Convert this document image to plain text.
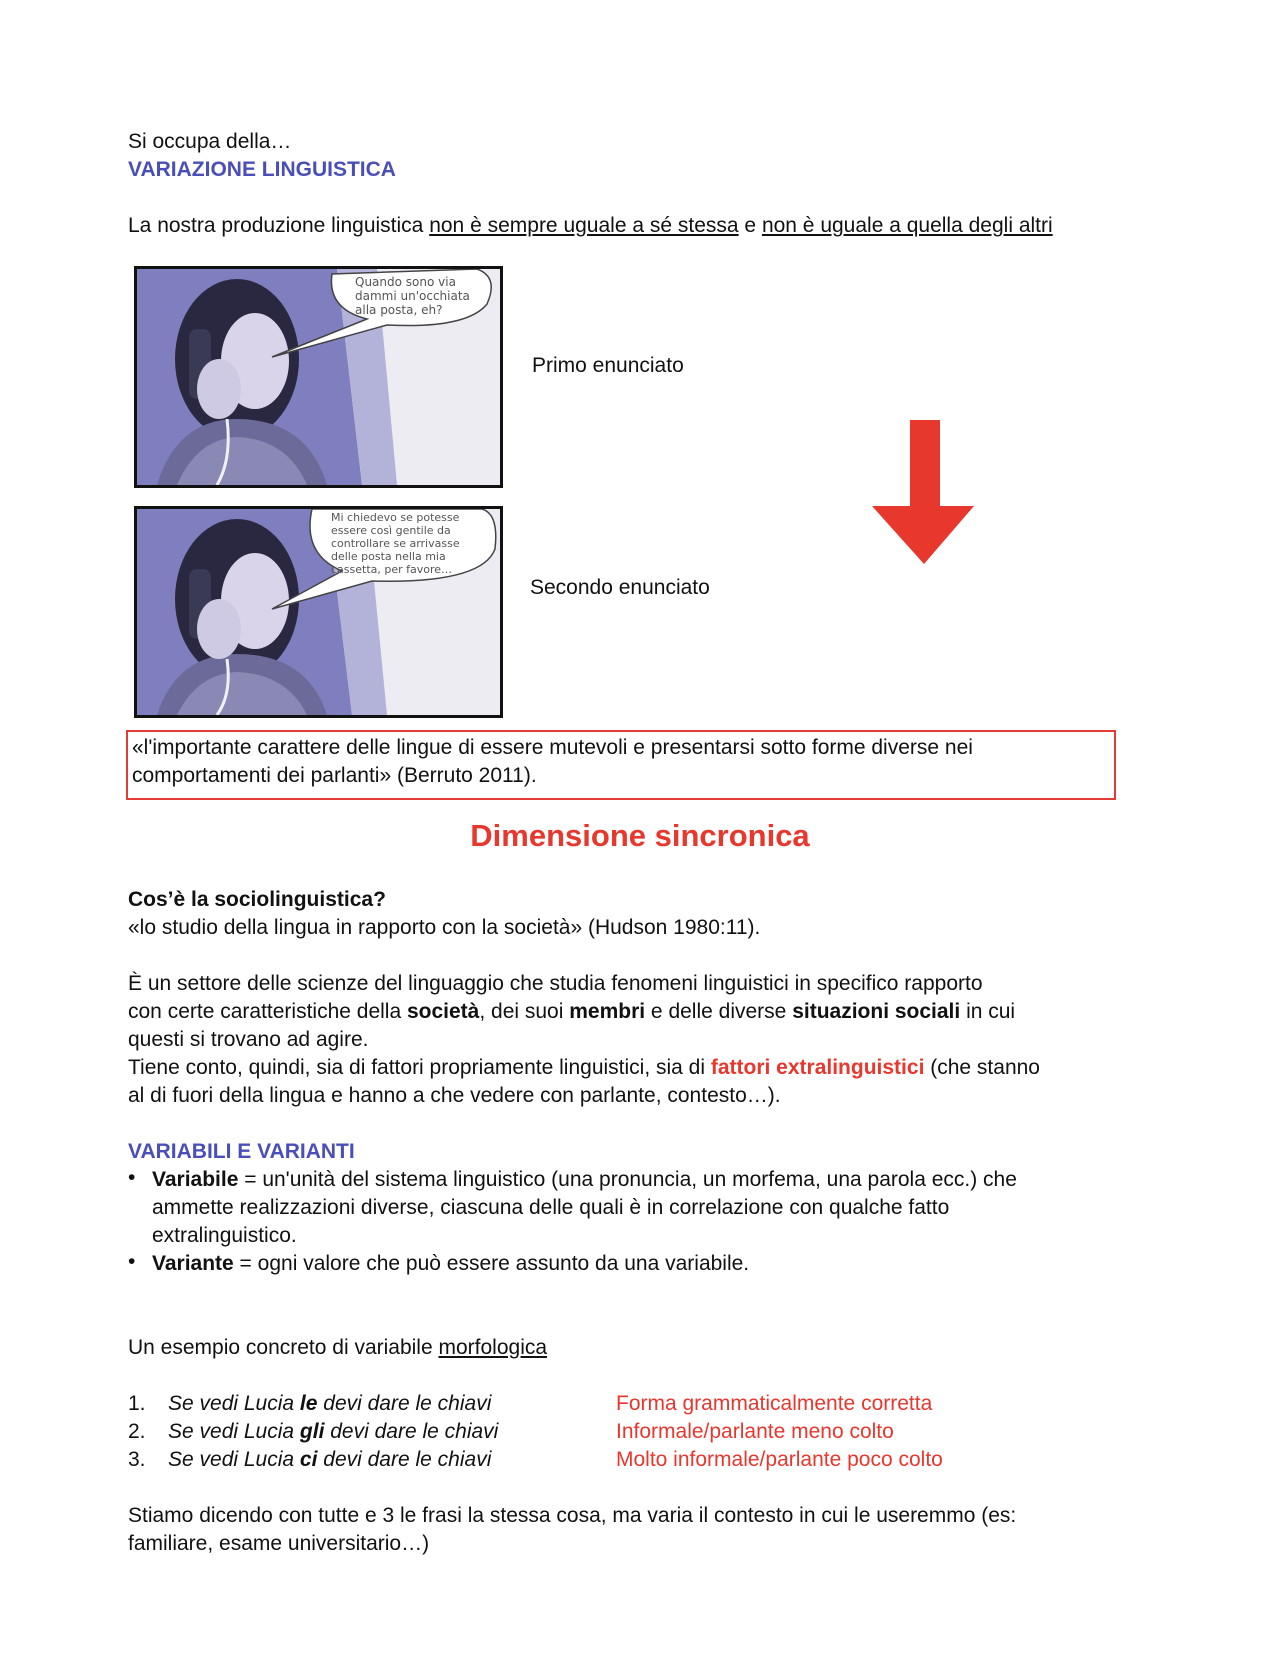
Si occupa della…
VARIAZIONE LINGUISTICA
La nostra produzione linguistica non è sempre uguale a sé stessa e non è uguale a quella degli altri
Quando sono via
dammi un'occhiata
alla posta, eh?
Primo enunciato
Mi chiedevo se potesse
essere così gentile da
controllare se arrivasse
delle posta nella mia
cassetta, per favore…
Secondo enunciato
«l'importante carattere delle lingue di essere mutevoli e presentarsi sotto forme diverse nei
comportamenti dei parlanti» (Berruto 2011).
Dimensione sincronica
Cos’è la sociolinguistica?
«lo studio della lingua in rapporto con la società» (Hudson 1980:11).
È un settore delle scienze del linguaggio che studia fenomeni linguistici in specifico rapporto
con certe caratteristiche della società, dei suoi membri e delle diverse situazioni sociali in cui
questi si trovano ad agire.
Tiene conto, quindi, sia di fattori propriamente linguistici, sia di fattori extralinguistici (che stanno
al di fuori della lingua e hanno a che vedere con parlante, contesto…).
VARIABILI E VARIANTI
• Variabile = un'unità del sistema linguistico (una pronuncia, un morfema, una parola ecc.) che
ammette realizzazioni diverse, ciascuna delle quali è in correlazione con qualche fatto
extralinguistico.
• Variante = ogni valore che può essere assunto da una variabile.
Un esempio concreto di variabile morfologica
1. Se vedi Lucia le devi dare le chiavi	Forma grammaticalmente corretta
2. Se vedi Lucia gli devi dare le chiavi	Informale/parlante meno colto
3. Se vedi Lucia ci devi dare le chiavi	Molto informale/parlante poco colto
Stiamo dicendo con tutte e 3 le frasi la stessa cosa, ma varia il contesto in cui le useremmo (es:
familiare, esame universitario…)
